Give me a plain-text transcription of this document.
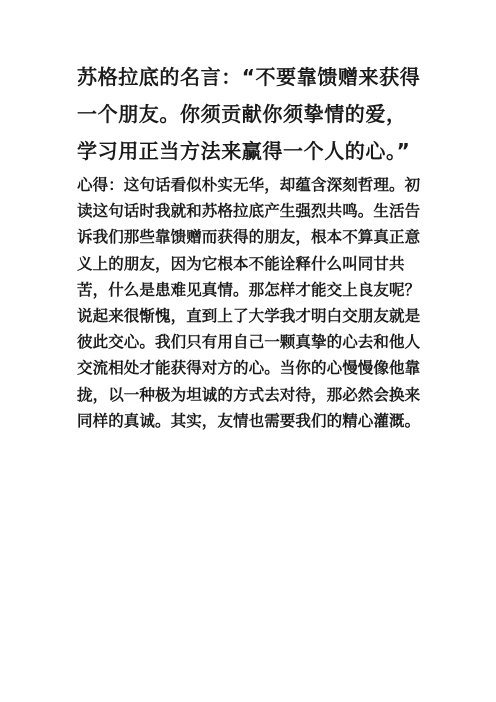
苏格拉底的名言：“不要靠馈赠来获得一个朋友。你须贡献你须挚情的爱，学习用正当方法来赢得一个人的心。”

心得：这句话看似朴实无华，却蕴含深刻哲理。初读这句话时我就和苏格拉底产生强烈共鸣。生活告诉我们那些靠馈赠而获得的朋友，根本不算真正意义上的朋友，因为它根本不能诠释什么叫同甘共苦，什么是患难见真情。那怎样才能交上良友呢？说起来很惭愧，直到上了大学我才明白交朋友就是彼此交心。我们只有用自己一颗真挚的心去和他人交流相处才能获得对方的心。当你的心慢慢像他靠拢，以一种极为坦诚的方式去对待，那必然会换来同样的真诚。其实，友情也需要我们的精心灌溉。
